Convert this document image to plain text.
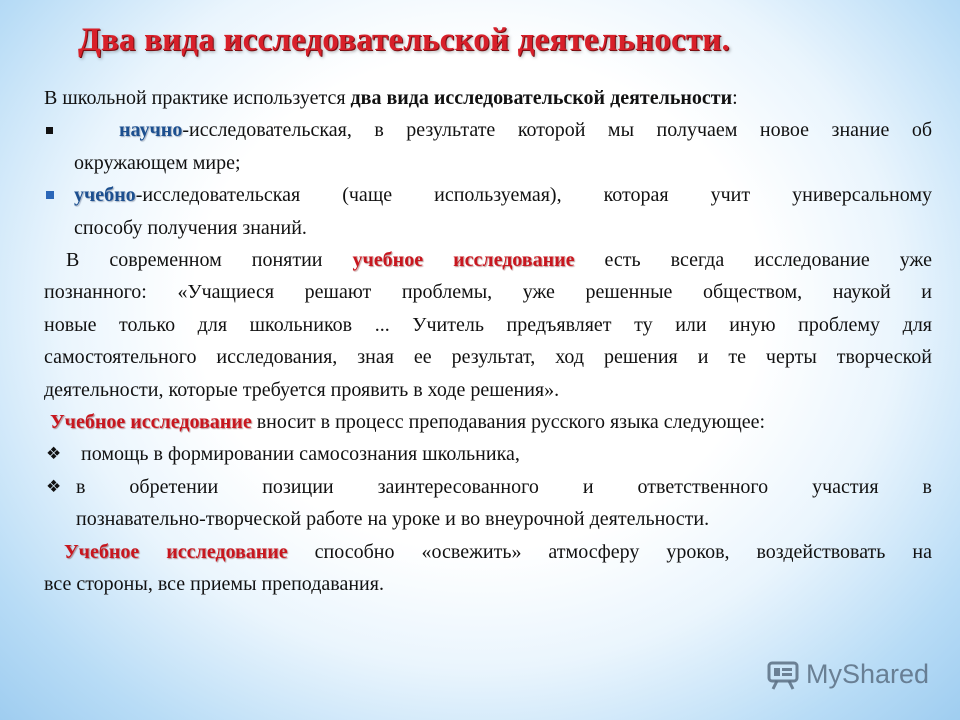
Два вида исследовательской деятельности.

В школьной практике используется два вида исследовательской деятельности:

научно-исследовательская, в результате которой мы получаем новое знание об
окружающем мире;
учебно-исследовательская (чаще используемая), которая учит универсальному
способу получения знаний.
В современном понятии учебное исследование есть всегда исследование уже
познанного: «Учащиеся решают проблемы, уже решенные обществом, наукой и
новые только для школьников ... Учитель предъявляет ту или иную проблему для
самостоятельного исследования, зная ее результат, ход решения и те черты творческой
деятельности, которые требуется проявить в ходе решения».
Учебное исследование вносит в процесс преподавания русского языка следующее:
❖ помощь в формировании самосознания школьника,
❖ в обретении позиции заинтересованного и ответственного участия в
познавательно-творческой работе на уроке и во внеурочной деятельности.
Учебное исследование способно «освежить» атмосферу уроков, воздействовать на
все стороны, все приемы преподавания.
MyShared
